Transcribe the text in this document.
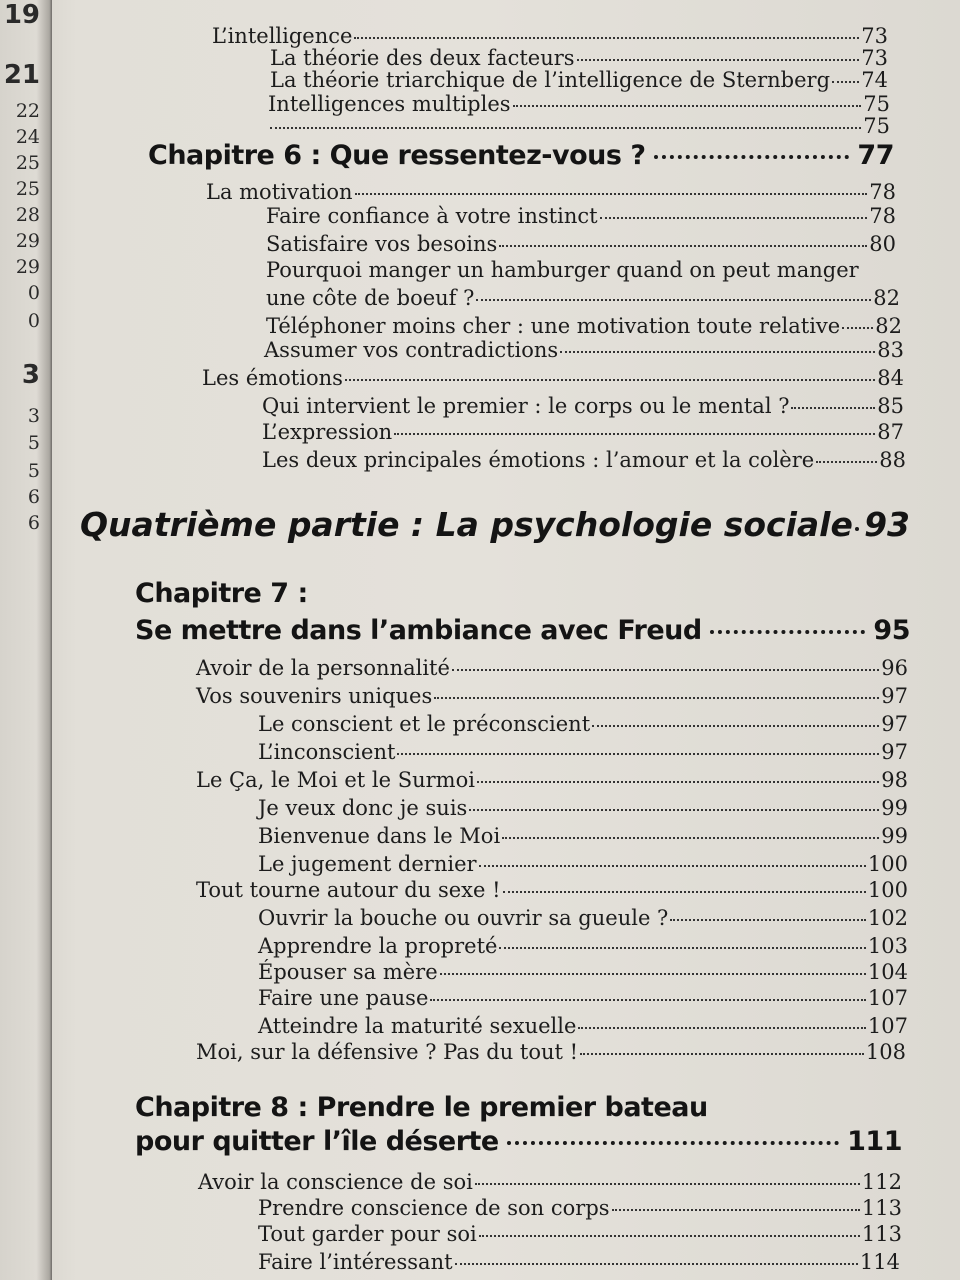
19
21
22
24
25
25
28
29
29
0
0
3
3
5
5
6
6
L’intelligence	73
La théorie des deux facteurs	73
La théorie triarchique de l’intelligence de Sternberg 74
Intelligences multiples	75
75
Chapitre 6 : Que ressentez-vous ?	77
La motivation	78
Faire confiance à votre instinct	78
Satisfaire vos besoins	80
Pourquoi manger un hamburger quand on peut manger
une côte de boeuf ?	82
Téléphoner moins cher : une motivation toute relative 82
Assumer vos contradictions	83
Les émotions	84
Qui intervient le premier : le corps ou le mental ?	85
L’expression	87
Les deux principales émotions : l’amour et la colère	88
Quatrième partie : La psychologie sociale 93
Chapitre 7 :
Se mettre dans l’ambiance avec Freud	95
Avoir de la personnalité	96
Vos souvenirs uniques	97
Le conscient et le préconscient	97
L’inconscient	97
Le Ça, le Moi et le Surmoi	98
Je veux donc je suis	99
Bienvenue dans le Moi	99
Le jugement dernier	100
Tout tourne autour du sexe !	100
Ouvrir la bouche ou ouvrir sa gueule ?	102
Apprendre la propreté	103
Épouser sa mère	104
Faire une pause	107
Atteindre la maturité sexuelle	107
Moi, sur la défensive ? Pas du tout !	108
Chapitre 8 : Prendre le premier bateau
pour quitter l’île déserte	111
Avoir la conscience de soi	112
Prendre conscience de son corps	113
Tout garder pour soi	113
Faire l’intéressant	114
